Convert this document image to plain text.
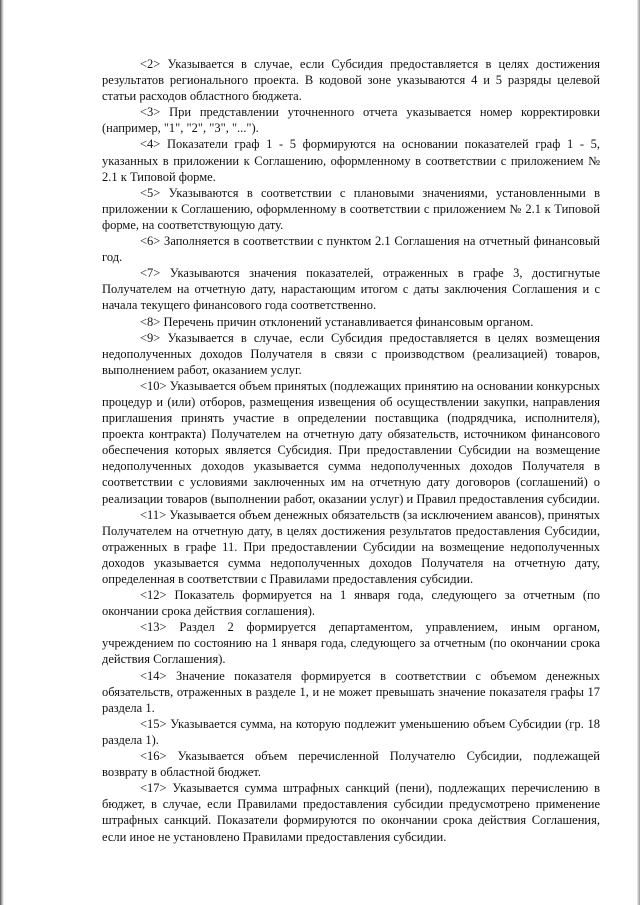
<2> Указывается в случае, если Субсидия предоставляется в целях достижения результатов регионального проекта. В кодовой зоне указываются 4 и 5 разряды целевой статьи расходов областного бюджета.

<3> При представлении уточненного отчета указывается номер корректировки (например, "1", "2", "3", "...").

<4> Показатели граф 1 - 5 формируются на основании показателей граф 1 - 5, указанных в приложении к Соглашению, оформленному в соответствии с приложением № 2.1 к Типовой форме.

<5> Указываются в соответствии с плановыми значениями, установленными в приложении к Соглашению, оформленному в соответствии с приложением № 2.1 к Типовой форме, на соответствующую дату.

<6> Заполняется в соответствии с пунктом 2.1 Соглашения на отчетный финансовый год.

<7> Указываются значения показателей, отраженных в графе 3, достигнутые Получателем на отчетную дату, нарастающим итогом с даты заключения Соглашения и с начала текущего финансового года соответственно.

<8> Перечень причин отклонений устанавливается финансовым органом.

<9> Указывается в случае, если Субсидия предоставляется в целях возмещения недополученных доходов Получателя в связи с производством (реализацией) товаров, выполнением работ, оказанием услуг.

<10> Указывается объем принятых (подлежащих принятию на основании конкурсных процедур и (или) отборов, размещения извещения об осуществлении закупки, направления приглашения принять участие в определении поставщика (подрядчика, исполнителя), проекта контракта) Получателем на отчетную дату обязательств, источником финансового обеспечения которых является Субсидия. При предоставлении Субсидии на возмещение недополученных доходов указывается сумма недополученных доходов Получателя в соответствии с условиями заключенных им на отчетную дату договоров (соглашений) о реализации товаров (выполнении работ, оказании услуг) и Правил предоставления субсидии.

<11> Указывается объем денежных обязательств (за исключением авансов), принятых Получателем на отчетную дату, в целях достижения результатов предоставления Субсидии, отраженных в графе 11. При предоставлении Субсидии на возмещение недополученных доходов указывается сумма недополученных доходов Получателя на отчетную дату, определенная в соответствии с Правилами предоставления субсидии.

<12> Показатель формируется на 1 января года, следующего за отчетным (по окончании срока действия соглашения).

<13> Раздел 2 формируется департаментом, управлением, иным органом, учреждением по состоянию на 1 января года, следующего за отчетным (по окончании срока действия Соглашения).

<14> Значение показателя формируется в соответствии с объемом денежных обязательств, отраженных в разделе 1, и не может превышать значение показателя графы 17 раздела 1.

<15> Указывается сумма, на которую подлежит уменьшению объем Субсидии (гр. 18 раздела 1).

<16> Указывается объем перечисленной Получателю Субсидии, подлежащей возврату в областной бюджет.

<17> Указывается сумма штрафных санкций (пени), подлежащих перечислению в бюджет, в случае, если Правилами предоставления субсидии предусмотрено применение штрафных санкций. Показатели формируются по окончании срока действия Соглашения, если иное не установлено Правилами предоставления субсидии.
